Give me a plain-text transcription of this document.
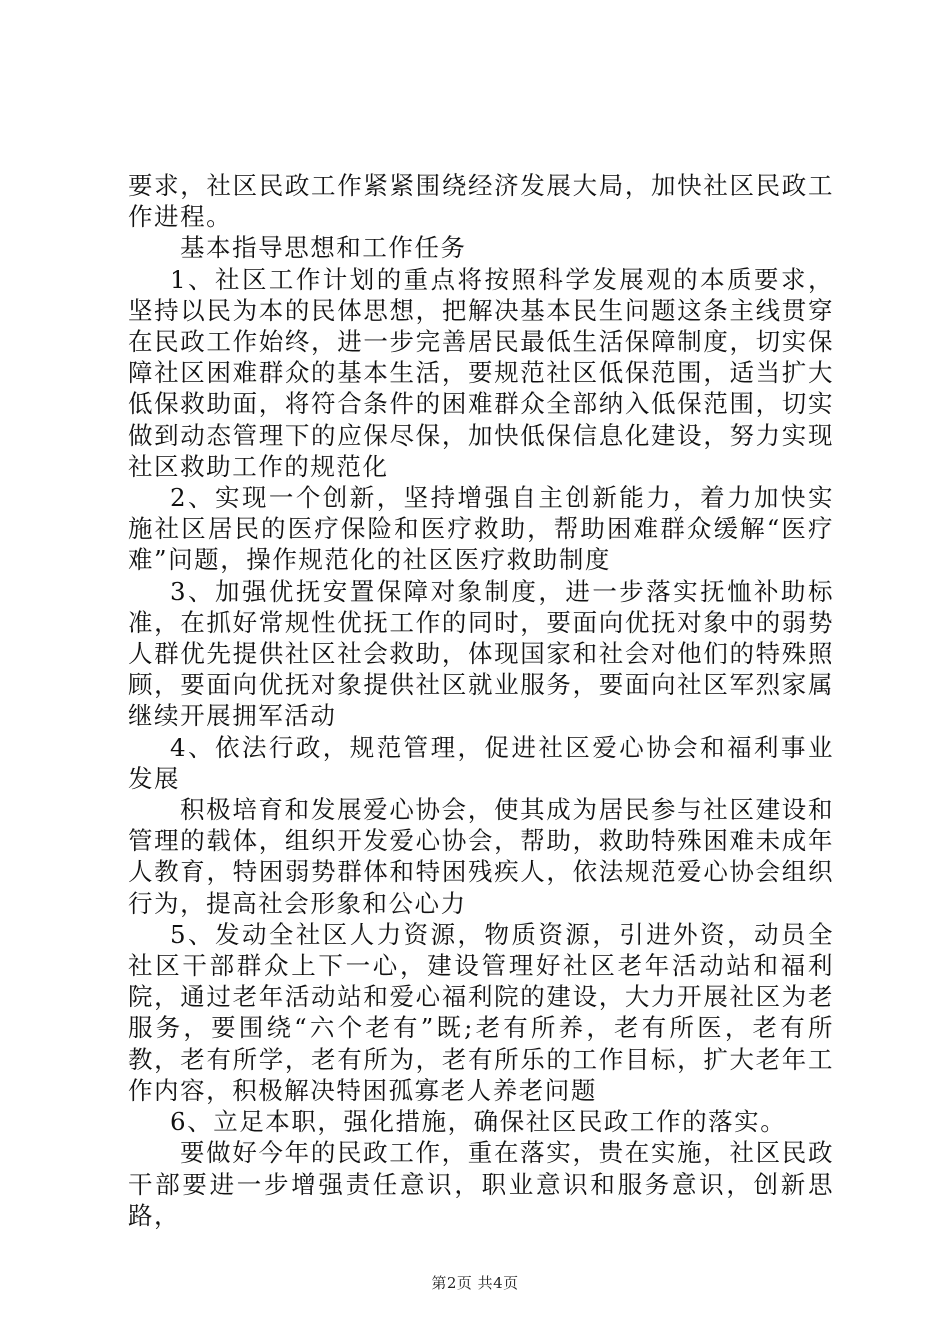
要求，社区民政工作紧紧围绕经济发展大局，加快社区民政工作进程。

基本指导思想和工作任务

1、社区工作计划的重点将按照科学发展观的本质要求，坚持以民为本的民体思想，把解决基本民生问题这条主线贯穿在民政工作始终，进一步完善居民最低生活保障制度，切实保障社区困难群众的基本生活，要规范社区低保范围，适当扩大低保救助面，将符合条件的困难群众全部纳入低保范围，切实做到动态管理下的应保尽保，加快低保信息化建设，努力实现社区救助工作的规范化

2、实现一个创新，坚持增强自主创新能力，着力加快实施社区居民的医疗保险和医疗救助，帮助困难群众缓解“医疗难”问题，操作规范化的社区医疗救助制度

3、加强优抚安置保障对象制度，进一步落实抚恤补助标准，在抓好常规性优抚工作的同时，要面向优抚对象中的弱势人群优先提供社区社会救助，体现国家和社会对他们的特殊照顾，要面向优抚对象提供社区就业服务，要面向社区军烈家属继续开展拥军活动

4、依法行政，规范管理，促进社区爱心协会和福利事业发展

积极培育和发展爱心协会，使其成为居民参与社区建设和管理的载体，组织开发爱心协会，帮助，救助特殊困难未成年人教育，特困弱势群体和特困残疾人，依法规范爱心协会组织行为，提高社会形象和公心力

5、发动全社区人力资源，物质资源，引进外资，动员全社区干部群众上下一心，建设管理好社区老年活动站和福利院，通过老年活动站和爱心福利院的建设，大力开展社区为老服务，要围绕“六个老有”既;老有所养，老有所医，老有所教，老有所学，老有所为，老有所乐的工作目标，扩大老年工作内容，积极解决特困孤寡老人养老问题

6、立足本职，强化措施，确保社区民政工作的落实。

要做好今年的民政工作，重在落实，贵在实施，社区民政干部要进一步增强责任意识，职业意识和服务意识，创新思路，

第2页 共4页
